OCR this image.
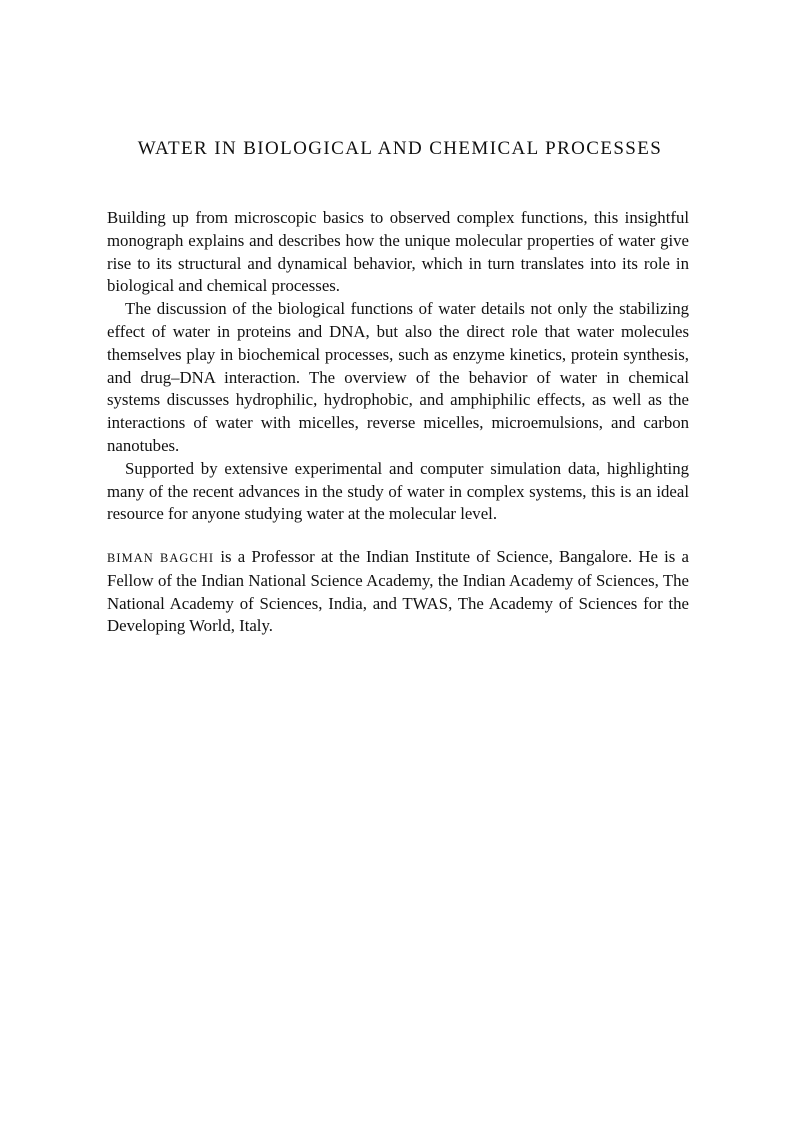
WATER IN BIOLOGICAL AND CHEMICAL PROCESSES

Building up from microscopic basics to observed complex functions, this insightful monograph explains and describes how the unique molecular properties of water give rise to its structural and dynamical behavior, which in turn translates into its role in biological and chemical processes.

The discussion of the biological functions of water details not only the stabilizing effect of water in proteins and DNA, but also the direct role that water molecules themselves play in biochemical processes, such as enzyme kinetics, protein synthesis, and drug–DNA interaction. The overview of the behavior of water in chemical systems discusses hydrophilic, hydrophobic, and amphiphilic effects, as well as the interactions of water with micelles, reverse micelles, microemulsions, and carbon nanotubes.

Supported by extensive experimental and computer simulation data, highlighting many of the recent advances in the study of water in complex systems, this is an ideal resource for anyone studying water at the molecular level.

BIMAN BAGCHI is a Professor at the Indian Institute of Science, Bangalore. He is a Fellow of the Indian National Science Academy, the Indian Academy of Sciences, The National Academy of Sciences, India, and TWAS, The Academy of Sciences for the Developing World, Italy.
